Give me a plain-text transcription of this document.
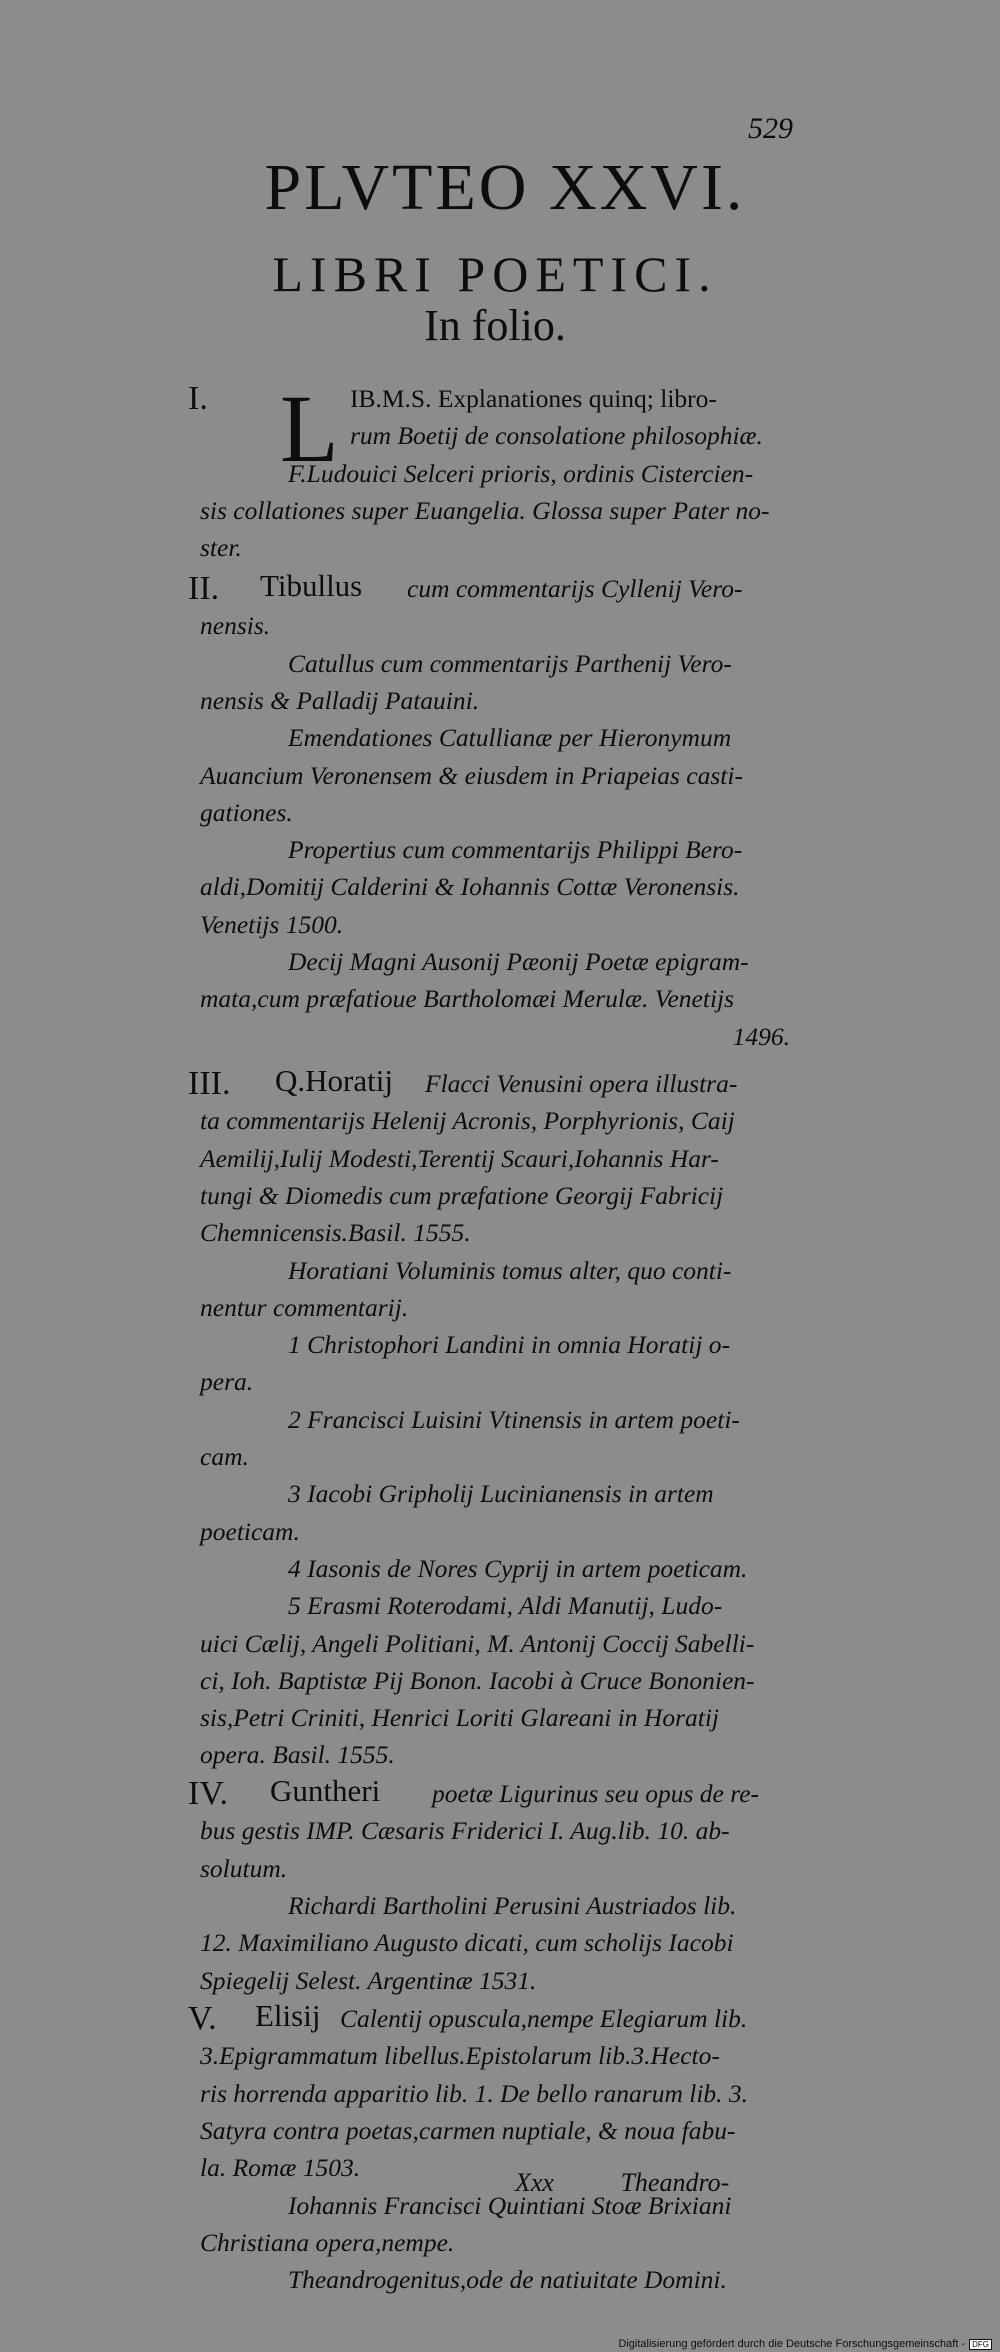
529
PLVTEO XXVI.
LIBRI POETICI.
In folio.
I. L IB.M.S. Explanationes quinq; libro-
rum Boetij de consolatione philosophiæ.
F.Ludouici Selceri prioris, ordinis Cistercien-
sis collationes super Euangelia. Glossa super Pater no-
ster.
II. Tibullus cum commentarijs Cyllenij Vero-
nensis.
Catullus cum commentarijs Parthenij Vero-
nensis & Palladij Patauini.
Emendationes Catullianæ per Hieronymum
Auancium Veronensem & eiusdem in Priapeias casti-
gationes.
Propertius cum commentarijs Philippi Bero-
aldi,Domitij Calderini & Iohannis Cottæ Veronensis.
Venetijs 1500.
Decij Magni Ausonij Pæonij Poetæ epigram-
mata,cum præfatioue Bartholomæi Merulæ. Venetijs
1496.
III. Q.Horatij Flacci Venusini opera illustra-
ta commentarijs Helenij Acronis, Porphyrionis, Caij
Aemilij,Iulij Modesti,Terentij Scauri,Iohannis Har-
tungi & Diomedis cum præfatione Georgij Fabricij
Chemnicensis.Basil. 1555.
Horatiani Voluminis tomus alter, quo conti-
nentur commentarij.
1 Christophori Landini in omnia Horatij o-
pera.
2 Francisci Luisini Vtinensis in artem poeti-
cam.
3 Iacobi Gripholij Lucinianensis in artem
poeticam.
4 Iasonis de Nores Cyprij in artem poeticam.
5 Erasmi Roterodami, Aldi Manutij, Ludo-
uici Cælij, Angeli Politiani, M. Antonij Coccij Sabelli-
ci, Ioh. Baptistæ Pij Bonon. Iacobi à Cruce Bononien-
sis,Petri Criniti, Henrici Loriti Glareani in Horatij
opera. Basil. 1555.
IV. Guntheri poetæ Ligurinus seu opus de re-
bus gestis IMP. Cæsaris Friderici I. Aug.lib. 10. ab-
solutum.
Richardi Bartholini Perusini Austriados lib.
12. Maximiliano Augusto dicati, cum scholijs Iacobi
Spiegelij Selest. Argentinæ 1531.
V. Elisij Calentij opuscula,nempe Elegiarum lib.
3.Epigrammatum libellus.Epistolarum lib.3.Hecto-
ris horrenda apparitio lib. 1. De bello ranarum lib. 3.
Satyra contra poetas,carmen nuptiale, & noua fabu-
la. Romæ 1503.
Iohannis Francisci Quintiani Stoæ Brixiani
Christiana opera,nempe.
Theandrogenitus,ode de natiuitate Domini.
Xxx Theandro-
Digitalisierung gefördert durch die Deutsche Forschungsgemeinschaft - DFG
